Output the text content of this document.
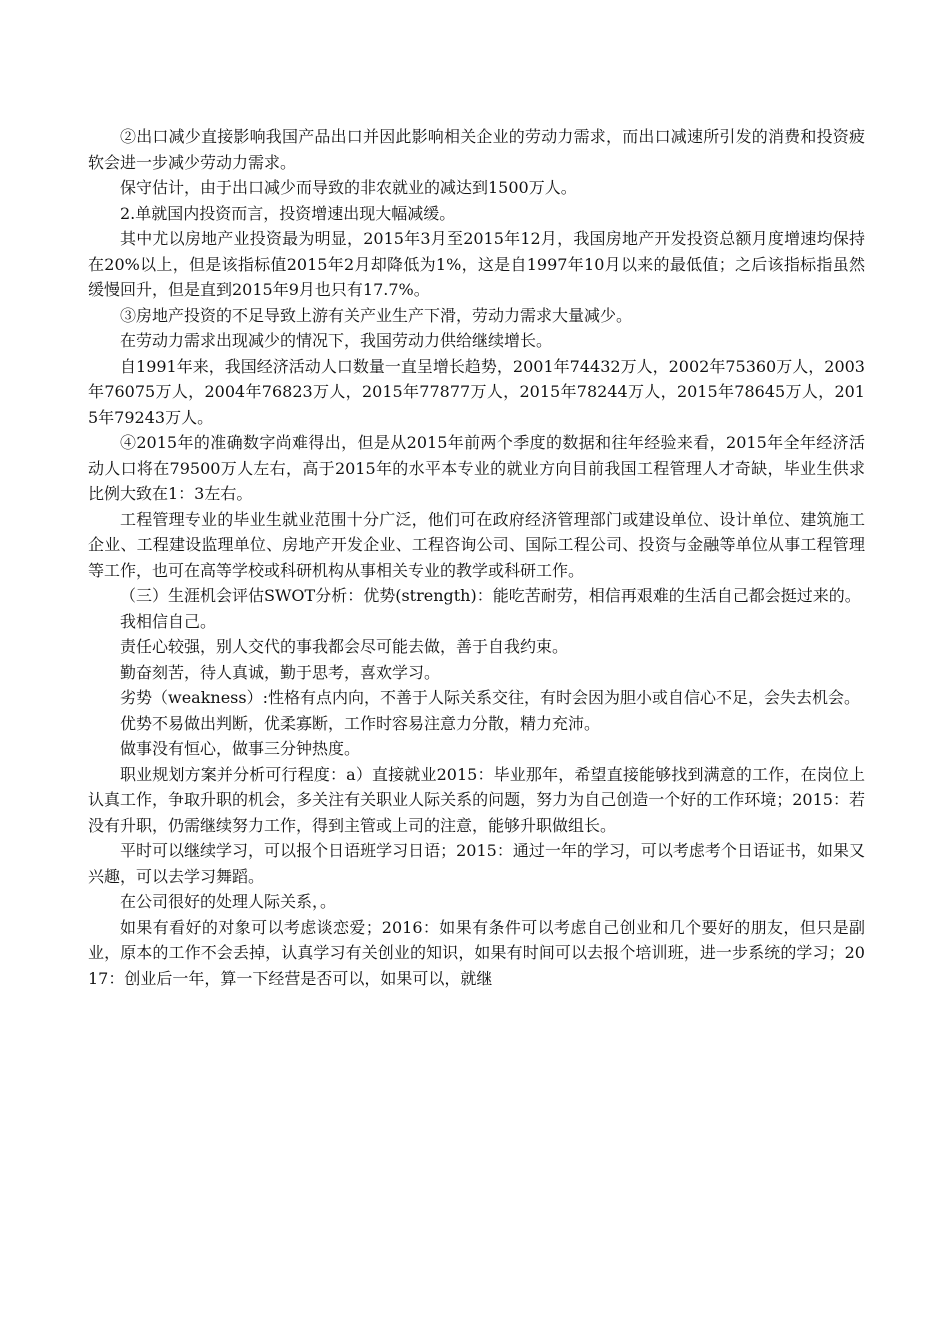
②出口减少直接影响我国产品出口并因此影响相关企业的劳动力需求，而出口减速所引发的消费和投资疲软会进一步减少劳动力需求。

保守估计，由于出口减少而导致的非农就业的减达到1500万人。

2.单就国内投资而言，投资增速出现大幅减缓。

其中尤以房地产业投资最为明显，2015年3月至2015年12月，我国房地产开发投资总额月度增速均保持在20%以上，但是该指标值2015年2月却降低为1%，这是自1997年10月以来的最低值；之后该指标指虽然缓慢回升，但是直到2015年9月也只有17.7%。

③房地产投资的不足导致上游有关产业生产下滑，劳动力需求大量减少。

在劳动力需求出现减少的情况下，我国劳动力供给继续增长。

自1991年来，我国经济活动人口数量一直呈增长趋势，2001年74432万人，2002年75360万人，2003年76075万人，2004年76823万人，2015年77877万人，2015年78244万人，2015年78645万人，2015年79243万人。

④2015年的准确数字尚难得出，但是从2015年前两个季度的数据和往年经验来看，2015年全年经济活动人口将在79500万人左右，高于2015年的水平本专业的就业方向目前我国工程管理人才奇缺，毕业生供求比例大致在1：3左右。

工程管理专业的毕业生就业范围十分广泛，他们可在政府经济管理部门或建设单位、设计单位、建筑施工企业、工程建设监理单位、房地产开发企业、工程咨询公司、国际工程公司、投资与金融等单位从事工程管理等工作，也可在高等学校或科研机构从事相关专业的教学或科研工作。

（三）生涯机会评估SWOT分析：优势(strength)：能吃苦耐劳，相信再艰难的生活自己都会挺过来的。

我相信自己。

责任心较强，别人交代的事我都会尽可能去做，善于自我约束。

勤奋刻苦，待人真诚，勤于思考，喜欢学习。

劣势（weakness）:性格有点内向，不善于人际关系交往，有时会因为胆小或自信心不足，会失去机会。

优势不易做出判断，优柔寡断，工作时容易注意力分散，精力充沛。

做事没有恒心，做事三分钟热度。

职业规划方案并分析可行程度：a）直接就业2015：毕业那年，希望直接能够找到满意的工作，在岗位上认真工作，争取升职的机会，多关注有关职业人际关系的问题，努力为自己创造一个好的工作环境；2015：若没有升职，仍需继续努力工作，得到主管或上司的注意，能够升职做组长。

平时可以继续学习，可以报个日语班学习日语；2015：通过一年的学习，可以考虑考个日语证书，如果又兴趣，可以去学习舞蹈。

在公司很好的处理人际关系，。

如果有看好的对象可以考虑谈恋爱；2016：如果有条件可以考虑自己创业和几个要好的朋友，但只是副业，原本的工作不会丢掉，认真学习有关创业的知识，如果有时间可以去报个培训班，进一步系统的学习；2017：创业后一年，算一下经营是否可以，如果可以，就继
